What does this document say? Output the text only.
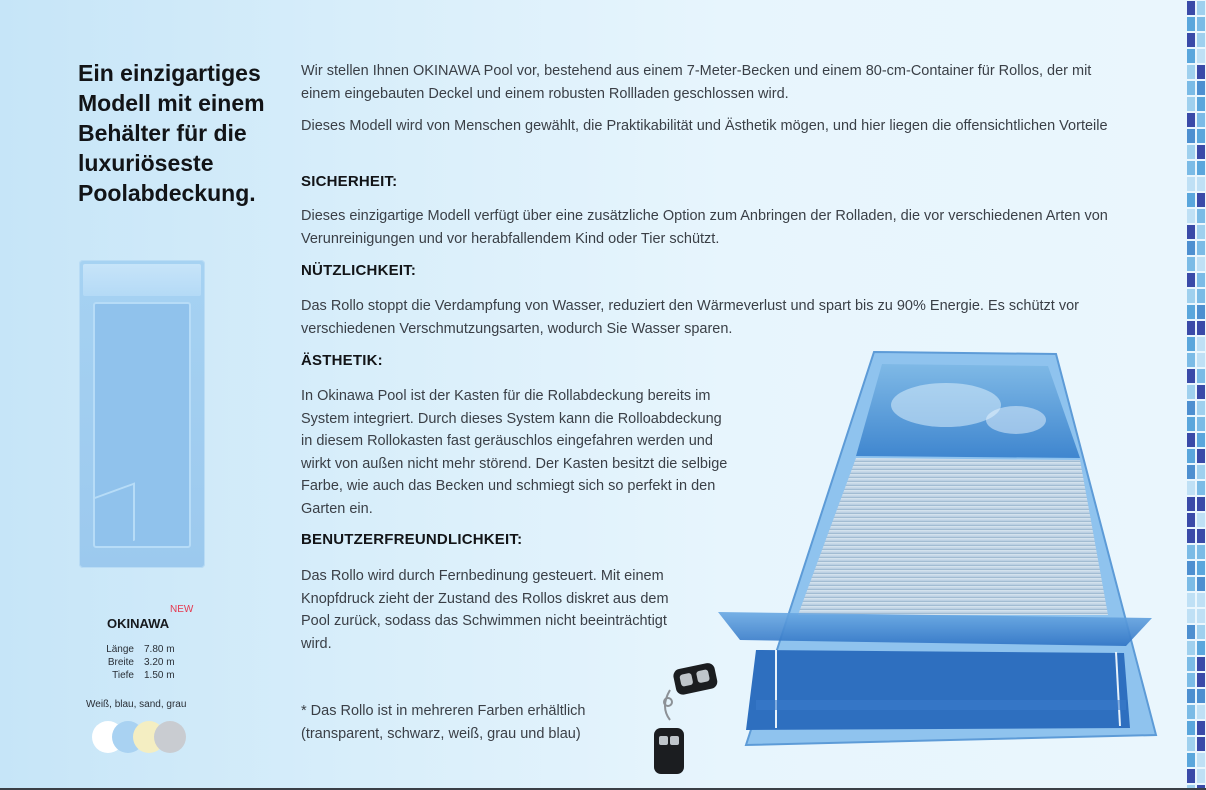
Ein einzigartiges Modell mit einem Behälter für die luxuriöseste Poolabdeckung.
NEW
OKINAWA
Länge	7.80 m
Breite	3.20 m
Tiefe	1.50 m
Weiß, blau, sand, grau

Wir stellen Ihnen OKINAWA Pool vor, bestehend aus einem 7-Meter-Becken und einem 80-cm-Container für Rollos, der mit einem eingebauten Deckel und einem robusten Rollladen geschlossen wird.

Dieses Modell wird von Menschen gewählt, die Praktikabilität und Ästhetik mögen, und hier liegen die offensichtlichen Vorteile

SICHERHEIT:

Dieses einzigartige Modell verfügt über eine zusätzliche Option zum Anbringen der Rolladen, die vor verschiedenen Arten von Verunreinigungen und vor herabfallendem Kind oder Tier schützt.

NÜTZLICHKEIT:

Das Rollo stoppt die Verdampfung von Wasser, reduziert den Wärmeverlust und spart bis zu 90% Energie. Es schützt vor verschiedenen Verschmutzungsarten, wodurch Sie Wasser sparen.

ÄSTHETIK:

In Okinawa Pool ist der Kasten für die Rollabdeckung bereits im System integriert. Durch dieses System kann die Rolloabdeckung in diesem Rollokasten fast geräuschlos eingefahren werden und wirkt von außen nicht mehr störend. Der Kasten besitzt die selbige Farbe, wie auch das Becken und schmiegt sich so perfekt in den Garten ein.

BENUTZERFREUNDLICHKEIT:

Das Rollo wird durch Fernbedinung gesteuert. Mit einem Knopfdruck zieht der Zustand des Rollos diskret aus dem Pool zurück, sodass das Schwimmen nicht beeinträchtigt wird.

* Das Rollo ist in mehreren Farben erhältlich (transparent, schwarz, weiß, grau und blau)
